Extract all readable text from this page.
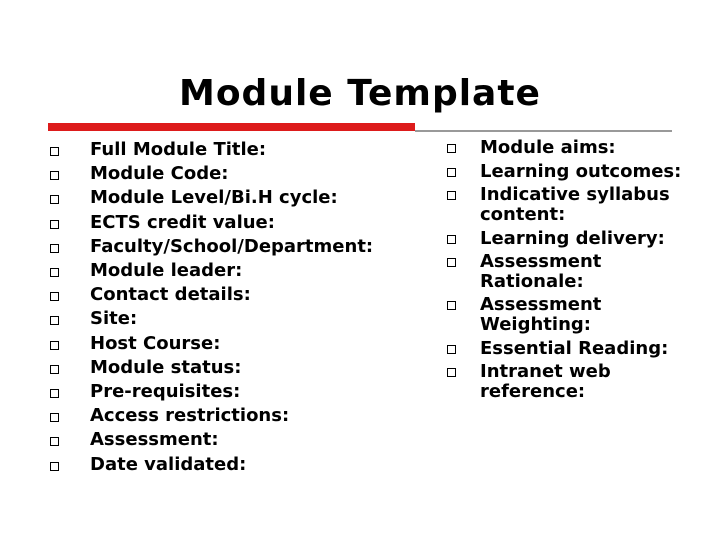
Module Template
Full Module Title:
Module Code:
Module Level/Bi.H cycle:
ECTS credit value:
Faculty/School/Department:
Module leader:
Contact details:
Site:
Host Course:
Module status:
Pre-requisites:
Access restrictions:
Assessment:
Date validated:
Module aims:
Learning outcomes:
Indicative syllabus content:
Learning delivery:
Assessment Rationale:
Assessment Weighting:
Essential Reading:
Intranet web reference:
